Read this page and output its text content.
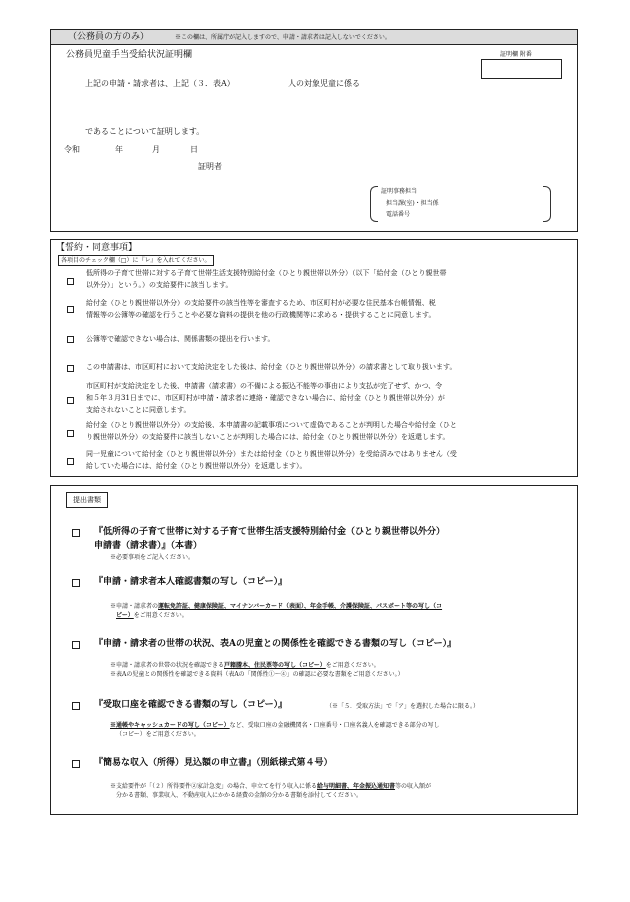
（公務員の方のみ）	※この欄は、所属庁が記入しますので、申請・請求者は記入しないでください。
公務員児童手当受給状況証明欄	証明欄 附番
上記の申請・請求者は、上記（３．表A）	人の対象児童に係る
であることについて証明します。
令和	年	月	日
証明者
証明事務担当
担当課(室)・担当係
電話番号
【誓約・同意事項】
各項目のチェック欄（□）に『レ』を入れてください。
低所得の子育て世帯に対する子育て世帯生活支援特別給付金（ひとり親世帯以外分）（以下「給付金（ひとり親世帯
以外分）」という。）の支給要件に該当します。
給付金（ひとり親世帯以外分）の支給要件の該当性等を審査するため、市区町村が必要な住民基本台帳情報、税
情報等の公簿等の確認を行うことや必要な資料の提供を他の行政機関等に求める・提供することに同意します。
公簿等で確認できない場合は、関係書類の提出を行います。
この申請書は、市区町村において支給決定をした後は、給付金（ひとり親世帯以外分）の請求書として取り扱います。
市区町村が支給決定をした後、申請書（請求書）の不備による振込不能等の事由により支払が完了せず、かつ、令
和５年３月31日までに、市区町村が申請・請求者に連絡・確認できない場合に、給付金（ひとり親世帯以外分）が
支給されないことに同意します。
給付金（ひとり親世帯以外分）の支給後、本申請書の記載事項について虚偽であることが判明した場合や給付金（ひと
り親世帯以外分）の支給要件に該当しないことが判明した場合には、給付金（ひとり親世帯以外分）を返還します。
同一児童について給付金（ひとり親世帯以外分）または給付金（ひとり親世帯以外分）を受給済みではありません（受
給していた場合には、給付金（ひとり親世帯以外分）を返還します）。
提出書類
『低所得の子育て世帯に対する子育て世帯生活支援特別給付金（ひとり親世帯以外分）
申請書（請求書）』（本書）
※必要事項をご記入ください。
『申請・請求者本人確認書類の写し（コピー）』
※申請・請求者の運転免許証、健康保険証、マイナンバーカード（表面）、年金手帳、介護保険証、パスポート等の写し（コ
ピー）をご用意ください。
『申請・請求者の世帯の状況、表Aの児童との関係性を確認できる書類の写し（コピー）』
※申請・請求者の世帯の状況を確認できる戸籍謄本、住民票等の写し（コピー）をご用意ください。
※表Aの児童との関係性を確認できる資料（表Aの「関係性①～④」の確認に必要な書類をご用意ください。）
『受取口座を確認できる書類の写し（コピー）』	（※「５．受取方法」で「ア」を選択した場合に限る。）
※通帳やキャッシュカードの写し（コピー）など、受取口座の金融機関名・口座番号・口座名義人を確認できる部分の写し
（コピー）をご用意ください。
『簡易な収入（所得）見込額の申立書』（別紙様式第４号）
※支給要件が「（２）所得要件②家計急変」の場合、申立てを行う収入に係る給与明細書、年金振込通知書等の収入額が
分かる書類、事業収入、不動産収入にかかる経費の金額の分かる書類を添付してください。
